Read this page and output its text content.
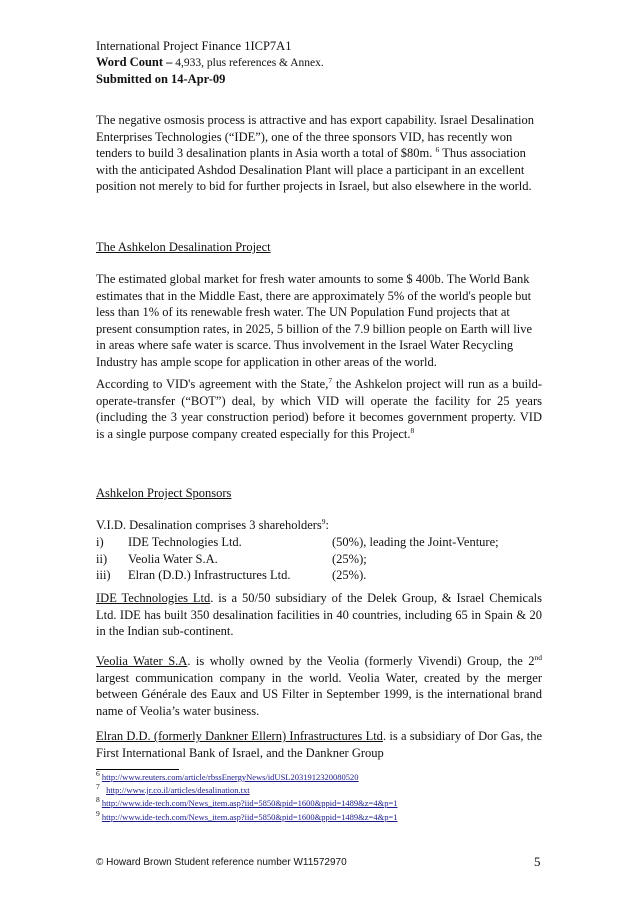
International Project Finance 1ICP7A1
Word Count – 4,933, plus references & Annex.
Submitted on 14-Apr-09
The negative osmosis process is attractive and has export capability. Israel Desalination Enterprises Technologies (“IDE”), one of the three sponsors VID, has recently won tenders to build 3 desalination plants in Asia worth a total of $80m. $^6$ Thus association with the anticipated Ashdod Desalination Plant will place a participant in an excellent position not merely to bid for further projects in Israel, but also elsewhere in the world.
The Ashkelon Desalination Project
The estimated global market for fresh water amounts to some $ 400b. The World Bank estimates that in the Middle East, there are approximately 5% of the world's people but less than 1% of its renewable fresh water. The UN Population Fund projects that at present consumption rates, in 2025, 5 billion of the 7.9 billion people on Earth will live in areas where safe water is scarce. Thus involvement in the Israel Water Recycling Industry has ample scope for application in other areas of the world.
According to VID's agreement with the State,$^7$ the Ashkelon project will run as a build-operate-transfer (“BOT”) deal, by which VID will operate the facility for 25 years (including the 3 year construction period) before it becomes government property. VID is a single purpose company created especially for this Project.$^8$
Ashkelon Project Sponsors
V.I.D. Desalination comprises 3 shareholders$^9$:
i)	IDE Technologies Ltd.	(50%), leading the Joint-Venture;
ii)	Veolia Water S.A.	(25%);
iii)	Elran (D.D.) Infrastructures Ltd.	(25%).
IDE Technologies Ltd. is a 50/50 subsidiary of the Delek Group, & Israel Chemicals Ltd. IDE has built 350 desalination facilities in 40 countries, including 65 in Spain & 20 in the Indian sub-continent.
Veolia Water S.A. is wholly owned by the Veolia (formerly Vivendi) Group, the 2nd largest communication company in the world. Veolia Water, created by the merger between Générale des Eaux and US Filter in September 1999, is the international brand name of Veolia’s water business.
Elran D.D. (formerly Dankner Ellern) Infrastructures Ltd. is a subsidiary of Dor Gas, the First International Bank of Israel, and the Dankner Group
$^6$ http://www.reuters.com/article/rbssEnergyNews/idUSL2031912320080520
$^7$ http://www.jr.co.il/articles/desalination.txt
$^8$ http://www.ide-tech.com/News_item.asp?iid=5850&pid=1600&ppid=1489&z=4&p=1
$^9$ http://www.ide-tech.com/News_item.asp?iid=5850&pid=1600&ppid=1489&z=4&p=1
© Howard Brown Student reference number W11572970	5
